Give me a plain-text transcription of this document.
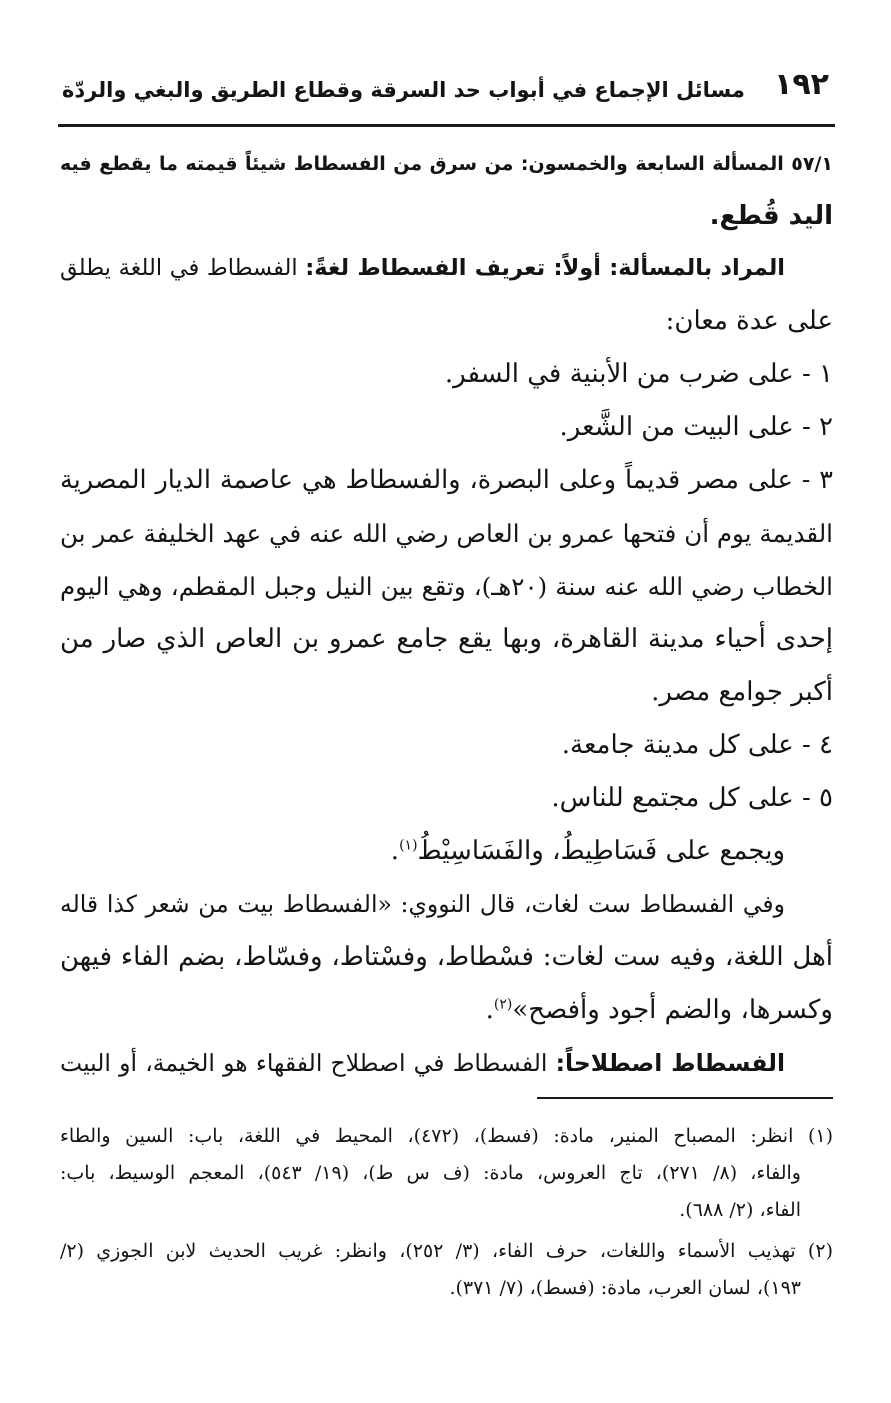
١٩٢
مسائل الإجماع في أبواب حد السرقة وقطاع الطريق والبغي والردّة

٥٧/١ المسألة السابعة والخمسون: من سرق من الفسطاط شيئاً قيمته ما يقطع فيه

اليد قُطع.

المراد بالمسألة: أولاً: تعريف الفسطاط لغةً: الفسطاط في اللغة يطلق

على عدة معان:

١ - على ضرب من الأبنية في السفر.

٢ - على البيت من الشَّعر.

٣ - على مصر قديماً وعلى البصرة، والفسطاط هي عاصمة الديار المصرية

القديمة يوم أن فتحها عمرو بن العاص رضي الله عنه في عهد الخليفة عمر بن

الخطاب رضي الله عنه سنة (٢٠هـ)، وتقع بين النيل وجبل المقطم، وهي اليوم

إحدى أحياء مدينة القاهرة، وبها يقع جامع عمرو بن العاص الذي صار من

أكبر جوامع مصر.

٤ - على كل مدينة جامعة.

٥ - على كل مجتمع للناس.

ويجمع على فَسَاطِيطُ، والفَسَاسِيْطُ$^{(١)}$.

وفي الفسطاط ست لغات، قال النووي: «الفسطاط بيت من شعر كذا قاله

أهل اللغة، وفيه ست لغات: فسْطاط، وفسْتاط، وفسّاط، بضم الفاء فيهن

وكسرها، والضم أجود وأفصح»$^{(٢)}$.

الفسطاط اصطلاحاً: الفسطاط في اصطلاح الفقهاء هو الخيمة، أو البيت

(١) انظر: المصباح المنير، مادة: (فسط)، (٤٧٢)، المحيط في اللغة، باب: السين والطاء

والفاء، (٨/ ٢٧١)، تاج العروس، مادة: (ف س ط)، (١٩/ ٥٤٣)، المعجم الوسيط، باب:

الفاء، (٢/ ٦٨٨).

(٢) تهذيب الأسماء واللغات، حرف الفاء، (٣/ ٢٥٢)، وانظر: غريب الحديث لابن الجوزي (٢/

١٩٣)، لسان العرب، مادة: (فسط)، (٧/ ٣٧١).
